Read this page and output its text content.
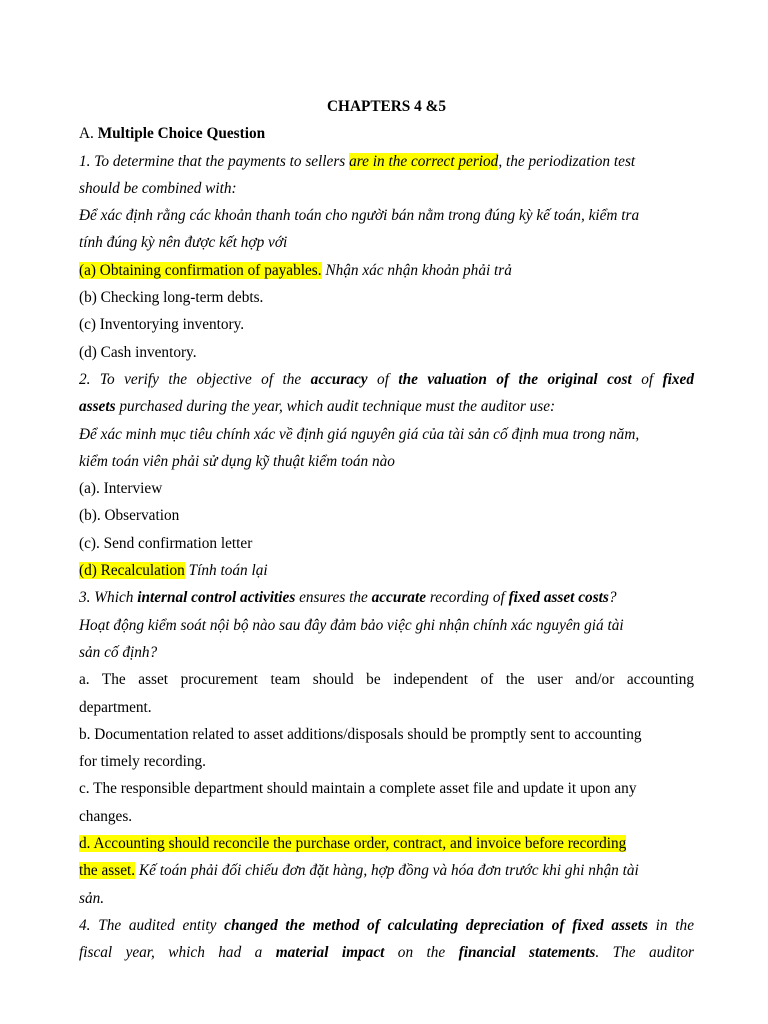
CHAPTERS 4 &5
A. Multiple Choice Question
1. To determine that the payments to sellers are in the correct period, the periodization test
should be combined with:
Để xác định rằng các khoản thanh toán cho người bán nằm trong đúng kỳ kế toán, kiểm tra
tính đúng kỳ nên được kết hợp với
(a) Obtaining confirmation of payables. Nhận xác nhận khoản phải trả
(b) Checking long-term debts.
(c) Inventorying inventory.
(d) Cash inventory.
2. To verify the objective of the accuracy of the valuation of the original cost of fixed
assets purchased during the year, which audit technique must the auditor use:
Để xác minh mục tiêu chính xác về định giá nguyên giá của tài sản cố định mua trong năm,
kiểm toán viên phải sử dụng kỹ thuật kiểm toán nào
(a). Interview
(b). Observation
(c). Send confirmation letter
(d) Recalculation Tính toán lại
3. Which internal control activities ensures the accurate recording of fixed asset costs?
Hoạt động kiểm soát nội bộ nào sau đây đảm bảo việc ghi nhận chính xác nguyên giá tài
sản cố định?
a. The asset procurement team should be independent of the user and/or accounting
department.
b. Documentation related to asset additions/disposals should be promptly sent to accounting
for timely recording.
c. The responsible department should maintain a complete asset file and update it upon any
changes.
d. Accounting should reconcile the purchase order, contract, and invoice before recording
the asset. Kế toán phải đối chiếu đơn đặt hàng, hợp đồng và hóa đơn trước khi ghi nhận tài
sản.
4. The audited entity changed the method of calculating depreciation of fixed assets in the
fiscal year, which had a material impact on the financial statements. The auditor
